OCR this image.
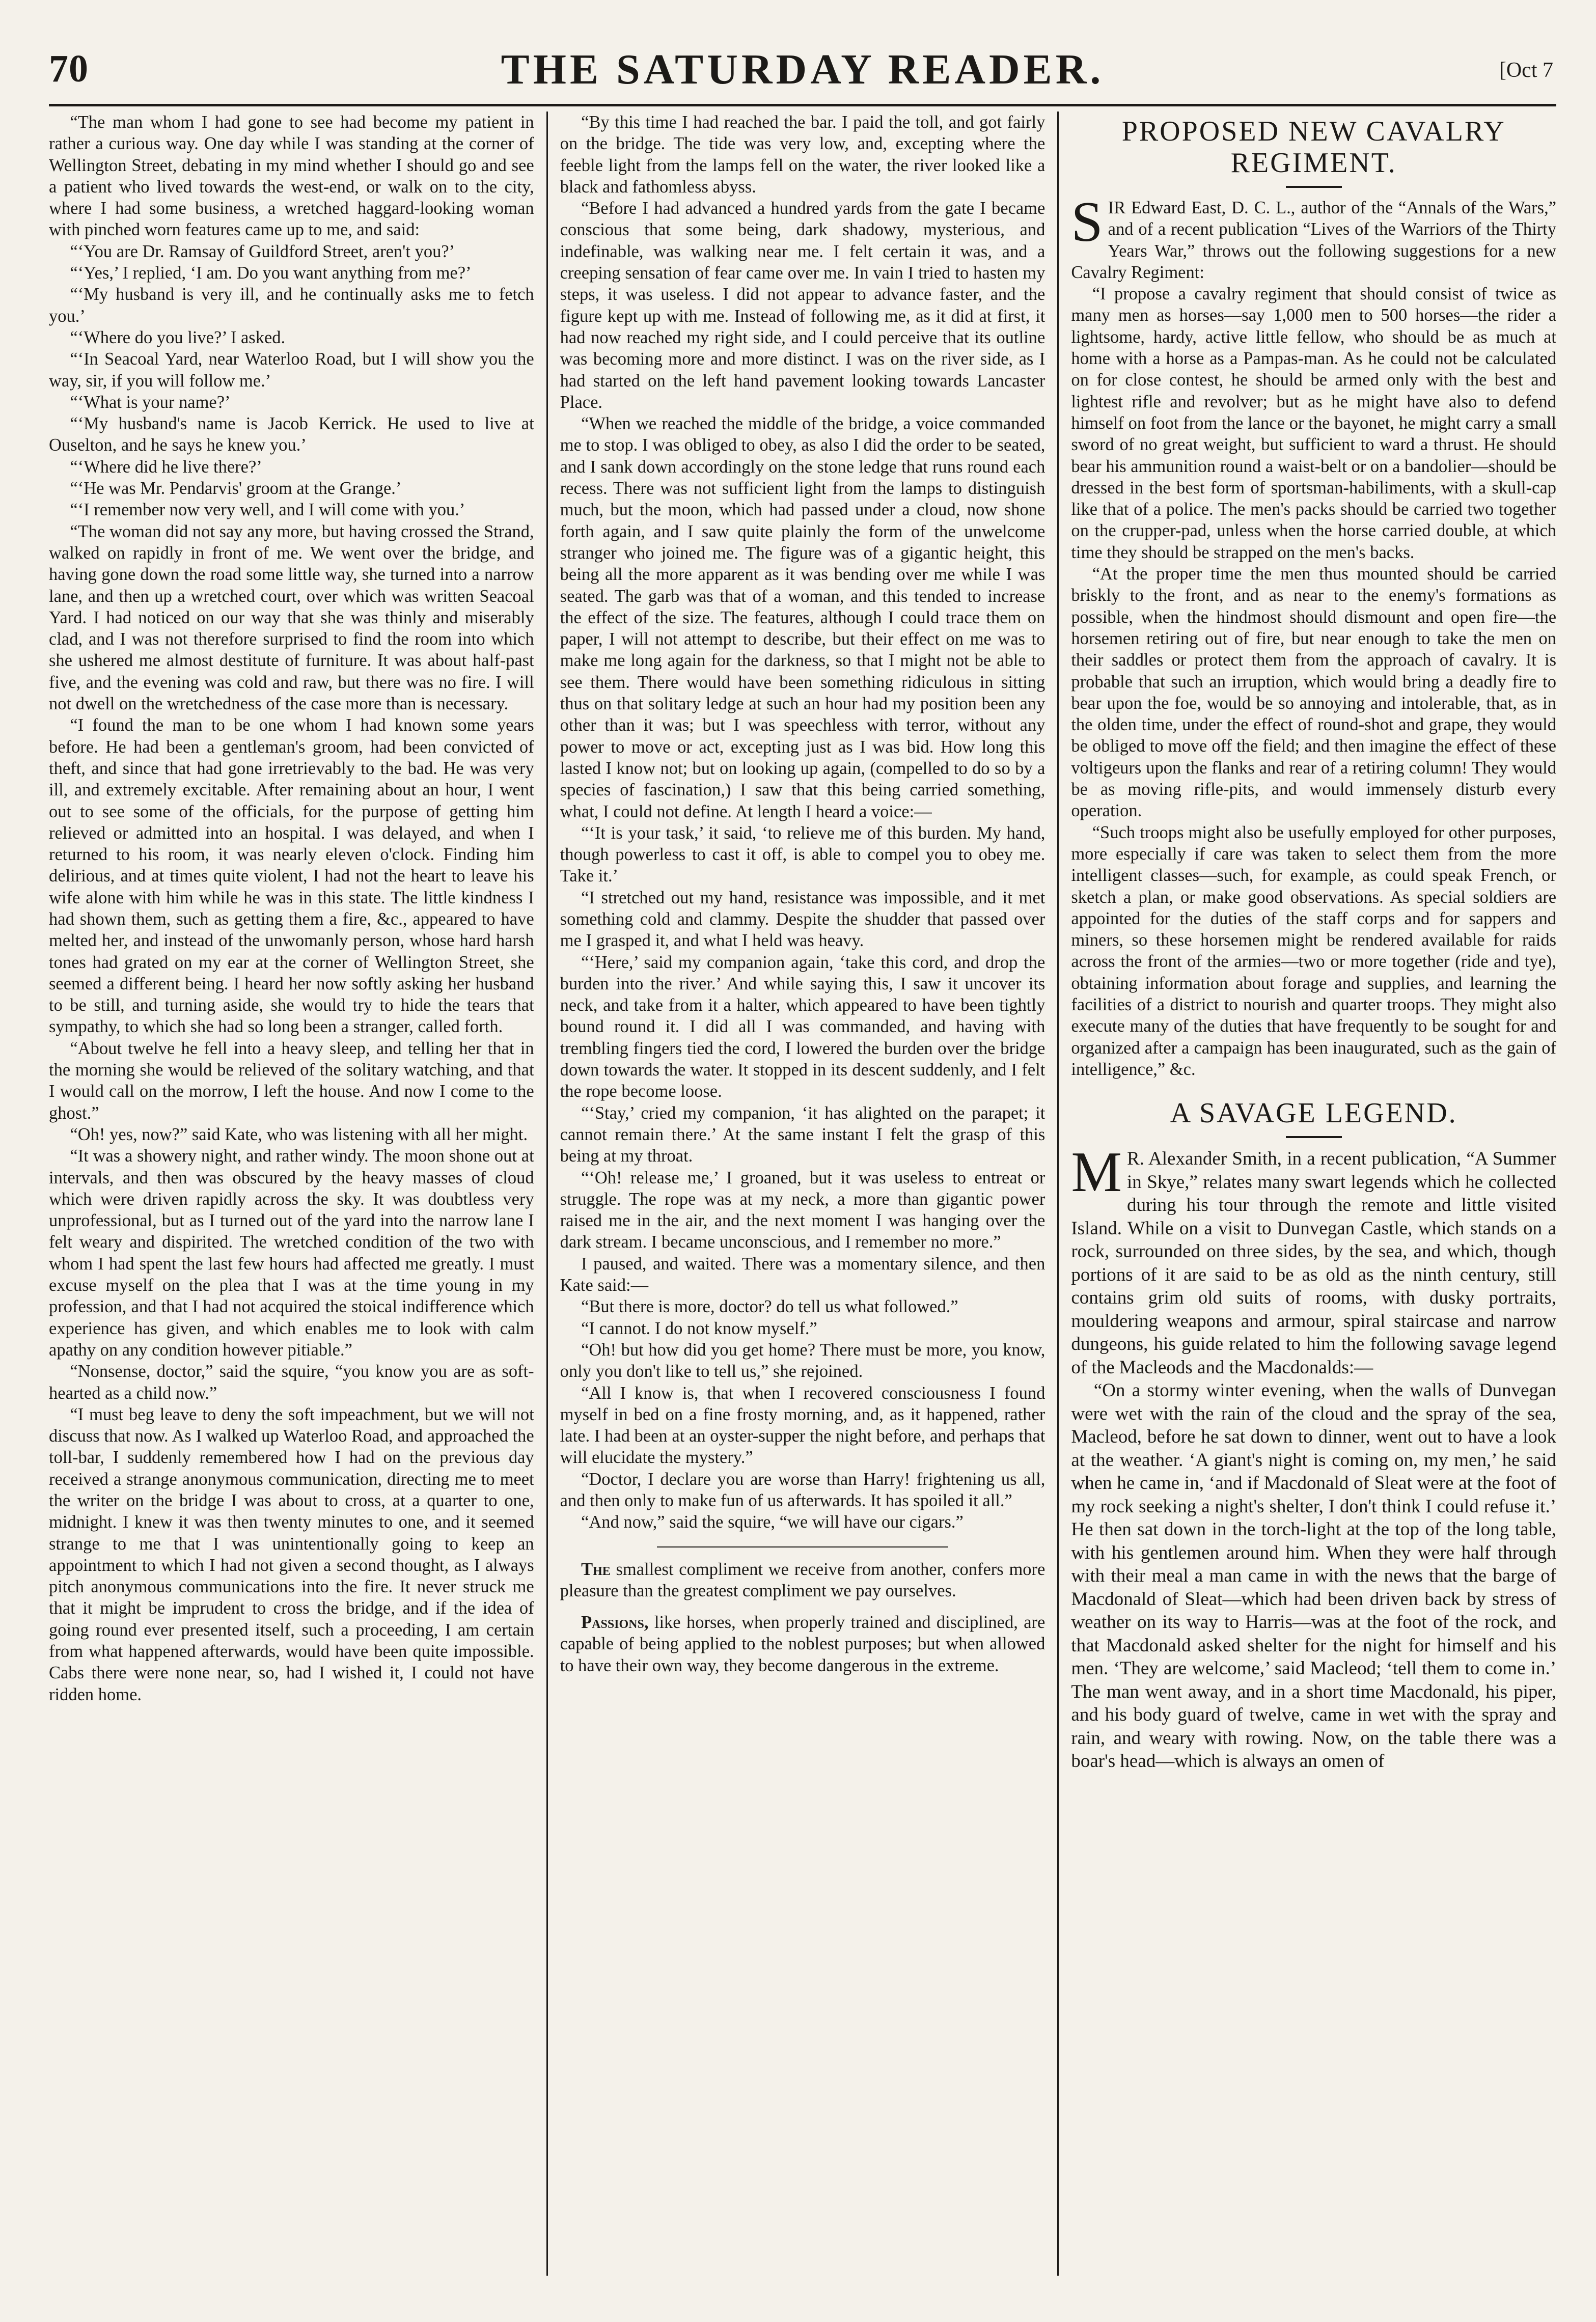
70	THE SATURDAY READER.	[Oct 7

“The man whom I had gone to see had become my patient in rather a curious way. One day while I was standing at the corner of Wellington Street, debating in my mind whether I should go and see a patient who lived towards the west-end, or walk on to the city, where I had some business, a wretched haggard-looking woman with pinched worn features came up to me, and said:

“‘You are Dr. Ramsay of Guildford Street, aren't you?’

“‘Yes,’ I replied, ‘I am. Do you want anything from me?’

“‘My husband is very ill, and he continually asks me to fetch you.’

“‘Where do you live?’ I asked.

“‘In Seacoal Yard, near Waterloo Road, but I will show you the way, sir, if you will follow me.’

“‘What is your name?’

“‘My husband's name is Jacob Kerrick. He used to live at Ouselton, and he says he knew you.’

“‘Where did he live there?’

“‘He was Mr. Pendarvis' groom at the Grange.’

“‘I remember now very well, and I will come with you.’

“The woman did not say any more, but having crossed the Strand, walked on rapidly in front of me. We went over the bridge, and having gone down the road some little way, she turned into a narrow lane, and then up a wretched court, over which was written Seacoal Yard. I had noticed on our way that she was thinly and miserably clad, and I was not therefore surprised to find the room into which she ushered me almost destitute of furniture. It was about half-past five, and the evening was cold and raw, but there was no fire. I will not dwell on the wretchedness of the case more than is necessary.

“I found the man to be one whom I had known some years before. He had been a gentleman's groom, had been convicted of theft, and since that had gone irretrievably to the bad. He was very ill, and extremely excitable. After remaining about an hour, I went out to see some of the officials, for the purpose of getting him relieved or admitted into an hospital. I was delayed, and when I returned to his room, it was nearly eleven o'clock. Finding him delirious, and at times quite violent, I had not the heart to leave his wife alone with him while he was in this state. The little kindness I had shown them, such as getting them a fire, &c., appeared to have melted her, and instead of the unwomanly person, whose hard harsh tones had grated on my ear at the corner of Wellington Street, she seemed a different being. I heard her now softly asking her husband to be still, and turning aside, she would try to hide the tears that sympathy, to which she had so long been a stranger, called forth.

“About twelve he fell into a heavy sleep, and telling her that in the morning she would be relieved of the solitary watching, and that I would call on the morrow, I left the house. And now I come to the ghost.”

“Oh! yes, now?” said Kate, who was listening with all her might.

“It was a showery night, and rather windy. The moon shone out at intervals, and then was obscured by the heavy masses of cloud which were driven rapidly across the sky. It was doubtless very unprofessional, but as I turned out of the yard into the narrow lane I felt weary and dispirited. The wretched condition of the two with whom I had spent the last few hours had affected me greatly. I must excuse myself on the plea that I was at the time young in my profession, and that I had not acquired the stoical indifference which experience has given, and which enables me to look with calm apathy on any condition however pitiable.”

“Nonsense, doctor,” said the squire, “you know you are as soft-hearted as a child now.”

“I must beg leave to deny the soft impeachment, but we will not discuss that now. As I walked up Waterloo Road, and approached the toll-bar, I suddenly remembered how I had on the previous day received a strange anonymous communication, directing me to meet the writer on the bridge I was about to cross, at a quarter to one, midnight. I knew it was then twenty minutes to one, and it seemed strange to me that I was unintentionally going to keep an appointment to which I had not given a second thought, as I always pitch anonymous communications into the fire. It never struck me that it might be imprudent to cross the bridge, and if the idea of going round ever presented itself, such a proceeding, I am certain from what happened afterwards, would have been quite impossible. Cabs there were none near, so, had I wished it, I could not have ridden home.

“By this time I had reached the bar. I paid the toll, and got fairly on the bridge. The tide was very low, and, excepting where the feeble light from the lamps fell on the water, the river looked like a black and fathomless abyss.

“Before I had advanced a hundred yards from the gate I became conscious that some being, dark shadowy, mysterious, and indefinable, was walking near me. I felt certain it was, and a creeping sensation of fear came over me. In vain I tried to hasten my steps, it was useless. I did not appear to advance faster, and the figure kept up with me. Instead of following me, as it did at first, it had now reached my right side, and I could perceive that its outline was becoming more and more distinct. I was on the river side, as I had started on the left hand pavement looking towards Lancaster Place.

“When we reached the middle of the bridge, a voice commanded me to stop. I was obliged to obey, as also I did the order to be seated, and I sank down accordingly on the stone ledge that runs round each recess. There was not sufficient light from the lamps to distinguish much, but the moon, which had passed under a cloud, now shone forth again, and I saw quite plainly the form of the unwelcome stranger who joined me. The figure was of a gigantic height, this being all the more apparent as it was bending over me while I was seated. The garb was that of a woman, and this tended to increase the effect of the size. The features, although I could trace them on paper, I will not attempt to describe, but their effect on me was to make me long again for the darkness, so that I might not be able to see them. There would have been something ridiculous in sitting thus on that solitary ledge at such an hour had my position been any other than it was; but I was speechless with terror, without any power to move or act, excepting just as I was bid. How long this lasted I know not; but on looking up again, (compelled to do so by a species of fascination,) I saw that this being carried something, what, I could not define. At length I heard a voice:—

“‘It is your task,’ it said, ‘to relieve me of this burden. My hand, though powerless to cast it off, is able to compel you to obey me. Take it.’

“I stretched out my hand, resistance was impossible, and it met something cold and clammy. Despite the shudder that passed over me I grasped it, and what I held was heavy.

“‘Here,’ said my companion again, ‘take this cord, and drop the burden into the river.’ And while saying this, I saw it uncover its neck, and take from it a halter, which appeared to have been tightly bound round it. I did all I was commanded, and having with trembling fingers tied the cord, I lowered the burden over the bridge down towards the water. It stopped in its descent suddenly, and I felt the rope become loose.

“‘Stay,’ cried my companion, ‘it has alighted on the parapet; it cannot remain there.’ At the same instant I felt the grasp of this being at my throat.

“‘Oh! release me,’ I groaned, but it was useless to entreat or struggle. The rope was at my neck, a more than gigantic power raised me in the air, and the next moment I was hanging over the dark stream. I became unconscious, and I remember no more.”

I paused, and waited. There was a momentary silence, and then Kate said:—

“But there is more, doctor? do tell us what followed.”

“I cannot. I do not know myself.”

“Oh! but how did you get home? There must be more, you know, only you don't like to tell us,” she rejoined.

“All I know is, that when I recovered consciousness I found myself in bed on a fine frosty morning, and, as it happened, rather late. I had been at an oyster-supper the night before, and perhaps that will elucidate the mystery.”

“Doctor, I declare you are worse than Harry! frightening us all, and then only to make fun of us afterwards. It has spoiled it all.”

“And now,” said the squire, “we will have our cigars.”

The smallest compliment we receive from another, confers more pleasure than the greatest compliment we pay ourselves.

Passions, like horses, when properly trained and disciplined, are capable of being applied to the noblest purposes; but when allowed to have their own way, they become dangerous in the extreme.

PROPOSED NEW CAVALRY REGIMENT.

SIR Edward East, D. C. L., author of the “Annals of the Wars,” and of a recent publication “Lives of the Warriors of the Thirty Years War,” throws out the following suggestions for a new Cavalry Regiment:

“I propose a cavalry regiment that should consist of twice as many men as horses—say 1,000 men to 500 horses—the rider a lightsome, hardy, active little fellow, who should be as much at home with a horse as a Pampas-man. As he could not be calculated on for close contest, he should be armed only with the best and lightest rifle and revolver; but as he might have also to defend himself on foot from the lance or the bayonet, he might carry a small sword of no great weight, but sufficient to ward a thrust. He should bear his ammunition round a waist-belt or on a bandolier—should be dressed in the best form of sportsman-habiliments, with a skull-cap like that of a police. The men's packs should be carried two together on the crupper-pad, unless when the horse carried double, at which time they should be strapped on the men's backs.

“At the proper time the men thus mounted should be carried briskly to the front, and as near to the enemy's formations as possible, when the hindmost should dismount and open fire—the horsemen retiring out of fire, but near enough to take the men on their saddles or protect them from the approach of cavalry. It is probable that such an irruption, which would bring a deadly fire to bear upon the foe, would be so annoying and intolerable, that, as in the olden time, under the effect of round-shot and grape, they would be obliged to move off the field; and then imagine the effect of these voltigeurs upon the flanks and rear of a retiring column! They would be as moving rifle-pits, and would immensely disturb every operation.

“Such troops might also be usefully employed for other purposes, more especially if care was taken to select them from the more intelligent classes—such, for example, as could speak French, or sketch a plan, or make good observations. As special soldiers are appointed for the duties of the staff corps and for sappers and miners, so these horsemen might be rendered available for raids across the front of the armies—two or more together (ride and tye), obtaining information about forage and supplies, and learning the facilities of a district to nourish and quarter troops. They might also execute many of the duties that have frequently to be sought for and organized after a campaign has been inaugurated, such as the gain of intelligence,” &c.

A SAVAGE LEGEND.

M R. Alexander Smith, in a recent publication, “A Summer in Skye,” relates many swart legends which he collected during his tour through the remote and little visited Island. While on a visit to Dunvegan Castle, which stands on a rock, surrounded on three sides, by the sea, and which, though portions of it are said to be as old as the ninth century, still contains grim old suits of rooms, with dusky portraits, mouldering weapons and armour, spiral staircase and narrow dungeons, his guide related to him the following savage legend of the Macleods and the Macdonalds:—

“On a stormy winter evening, when the walls of Dunvegan were wet with the rain of the cloud and the spray of the sea, Macleod, before he sat down to dinner, went out to have a look at the weather. ‘A giant's night is coming on, my men,’ he said when he came in, ‘and if Macdonald of Sleat were at the foot of my rock seeking a night's shelter, I don't think I could refuse it.’ He then sat down in the torch-light at the top of the long table, with his gentlemen around him. When they were half through with their meal a man came in with the news that the barge of Macdonald of Sleat—which had been driven back by stress of weather on its way to Harris—was at the foot of the rock, and that Macdonald asked shelter for the night for himself and his men. ‘They are welcome,’ said Macleod; ‘tell them to come in.’ The man went away, and in a short time Macdonald, his piper, and his body guard of twelve, came in wet with the spray and rain, and weary with rowing. Now, on the table there was a boar's head—which is always an omen of
